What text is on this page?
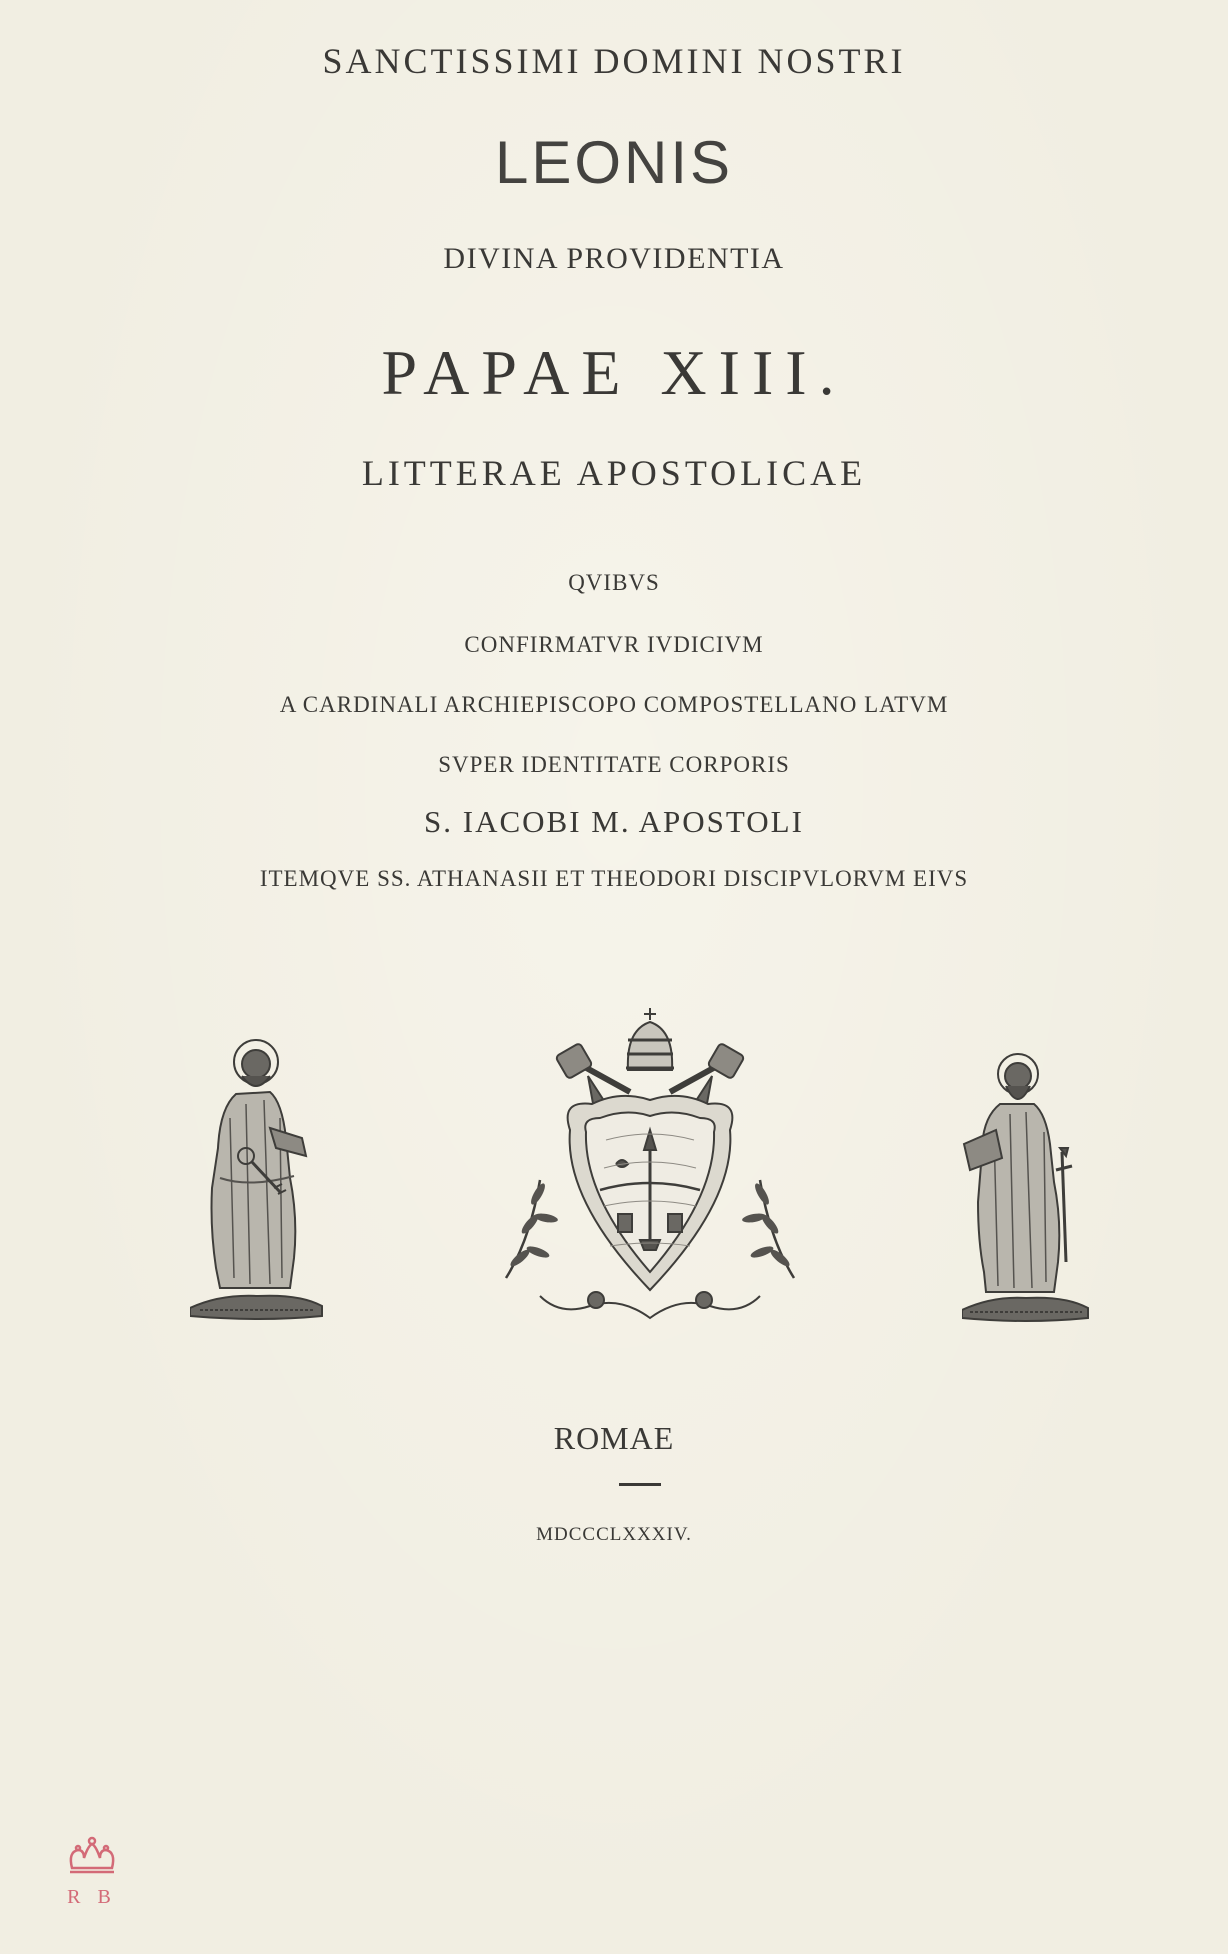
SANCTISSIMI DOMINI NOSTRI
LEONIS
DIVINA PROVIDENTIA
PAPAE XIII.
LITTERAE APOSTOLICAE
QVIBVS
CONFIRMATVR IVDICIVM
A CARDINALI ARCHIEPISCOPO COMPOSTELLANO LATVM
SVPER IDENTITATE CORPORIS
S. IACOBI M. APOSTOLI
ITEMQVE SS. ATHANASII ET THEODORI DISCIPVLORVM EIVS
ROMAE
MDCCCLXXXIV.
R B
